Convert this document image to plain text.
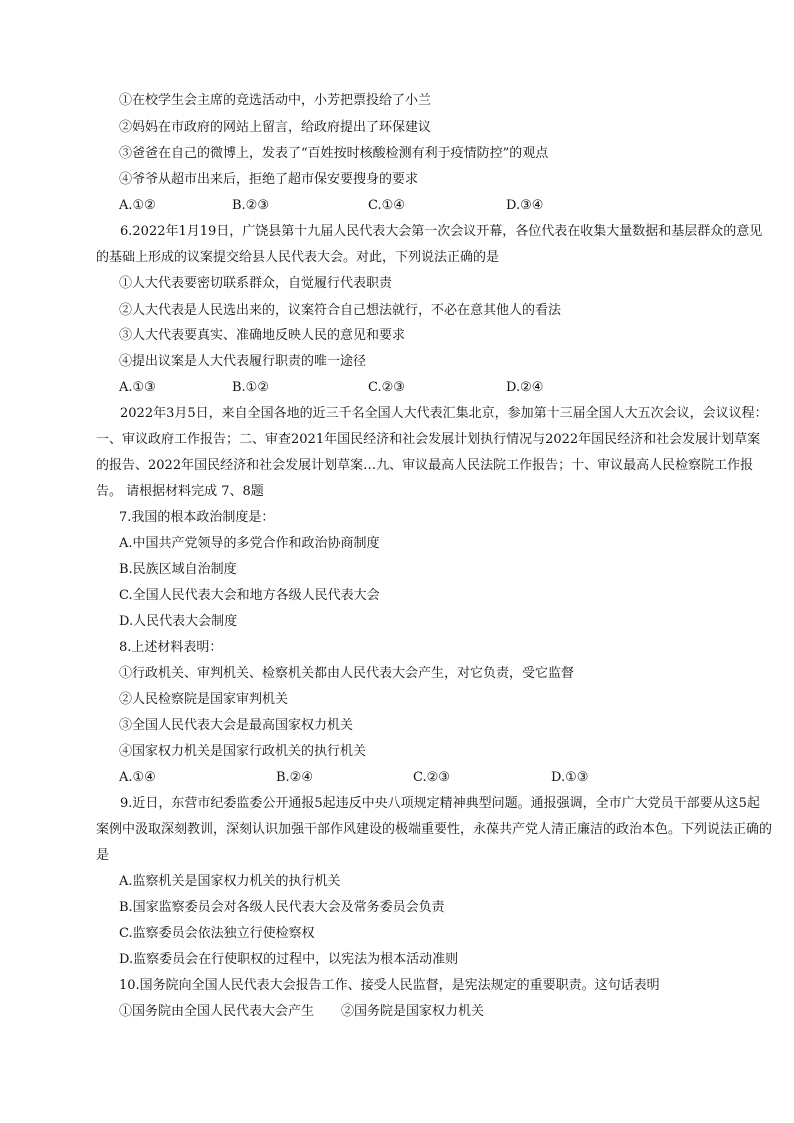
①在校学生会主席的竞选活动中，小芳把票投给了小兰
②妈妈在市政府的网站上留言，给政府提出了环保建议
③爸爸在自己的微博上，发表了“百姓按时核酸检测有利于疫情防控”的观点
④爷爷从超市出来后，拒绝了超市保安要搜身的要求
A.①②	B.②③	C.①④	D.③④
6.2022年1月19日，广饶县第十九届人民代表大会第一次会议开幕，各位代表在收集大量数据和基层群众的意见的基础上形成的议案提交给县人民代表大会。对此，下列说法正确的是
①人大代表要密切联系群众，自觉履行代表职责
②人大代表是人民选出来的，议案符合自己想法就行，不必在意其他人的看法
③人大代表要真实、准确地反映人民的意见和要求
④提出议案是人大代表履行职责的唯一途径
A.①③	B.①②	C.②③	D.②④
2022年3月5日，来自全国各地的近三千名全国人大代表汇集北京，参加第十三届全国人大五次会议，会议议程：一、审议政府工作报告；二、审查2021年国民经济和社会发展计划执行情况与2022年国民经济和社会发展计划草案的报告、2022年国民经济和社会发展计划草案…九、审议最高人民法院工作报告；十、审议最高人民检察院工作报告。 请根据材料完成 7、8题
7.我国的根本政治制度是：
A.中国共产党领导的多党合作和政治协商制度
B.民族区域自治制度
C.全国人民代表大会和地方各级人民代表大会
D.人民代表大会制度
8.上述材料表明：
①行政机关、审判机关、检察机关都由人民代表大会产生，对它负责，受它监督
②人民检察院是国家审判机关
③全国人民代表大会是最高国家权力机关
④国家权力机关是国家行政机关的执行机关
A.①④	B.②④	C.②③	D.①③
9.近日，东营市纪委监委公开通报5起违反中央八项规定精神典型问题。通报强调，全市广大党员干部要从这5起案例中汲取深刻教训，深刻认识加强干部作风建设的极端重要性，永葆共产党人清正廉洁的政治本色。下列说法正确的是
A.监察机关是国家权力机关的执行机关
B.国家监察委员会对各级人民代表大会及常务委员会负责
C.监察委员会依法独立行使检察权
D.监察委员会在行使职权的过程中，以宪法为根本活动准则
10.国务院向全国人民代表大会报告工作、接受人民监督，是宪法规定的重要职责。这句话表明
①国务院由全国人民代表大会产生 ②国务院是国家权力机关
